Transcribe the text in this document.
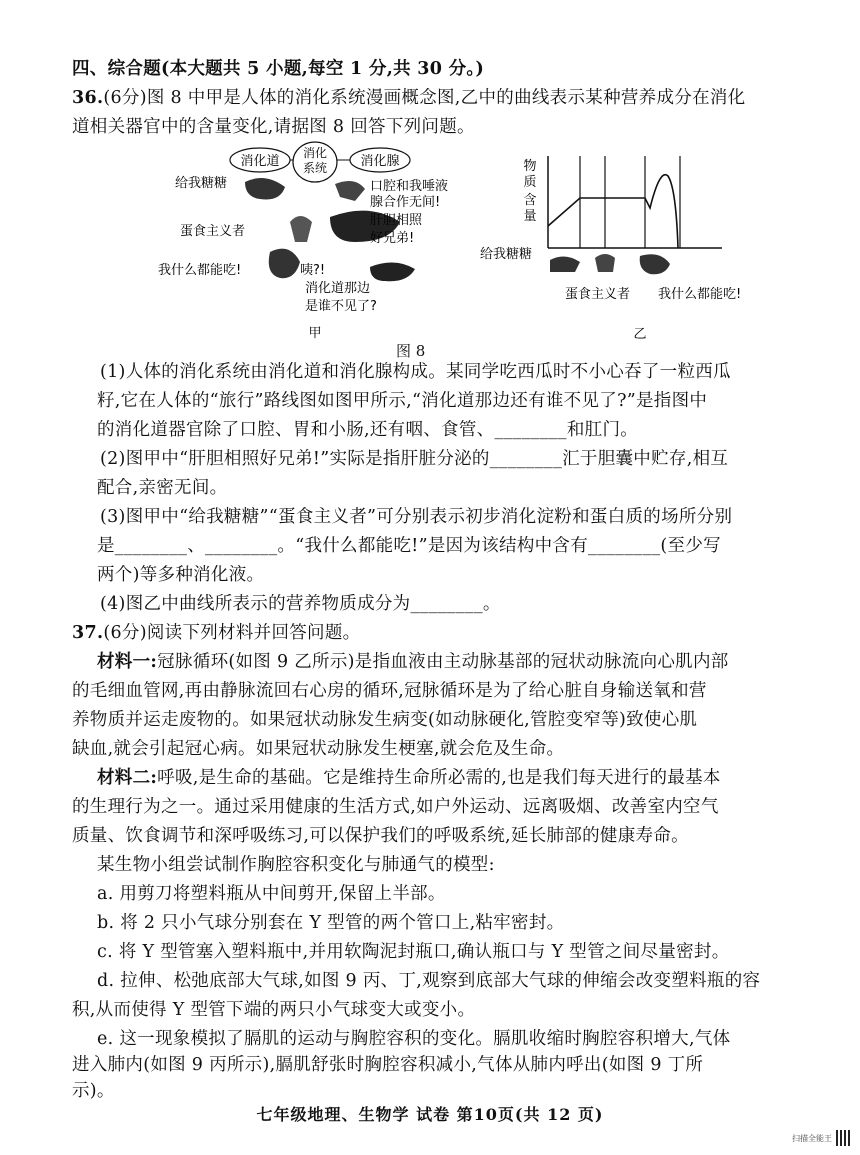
四、综合题(本大题共 5 小题,每空 1 分,共 30 分。)
36.(6分)图 8 中甲是人体的消化系统漫画概念图,乙中的曲线表示某种营养成分在消化
道相关器官中的含量变化,请据图 8 回答下列问题。
消化道
消化
系统	消化腺
给我糖糖	口腔和我唾液
腺合作无间!
肝胆相照
好兄弟!
蛋食主义者
我什么都能吃!	咦?!
消化道那边
是谁不见了?
甲
物
质
含
量
给我糖糖
蛋食主义者 我什么都能吃!
乙
图 8
(1)人体的消化系统由消化道和消化腺构成。某同学吃西瓜时不小心吞了一粒西瓜
籽,它在人体的“旅行”路线图如图甲所示,“消化道那边还有谁不见了?”是指图中
的消化道器官除了口腔、胃和小肠,还有咽、食管、________和肛门。
(2)图甲中“肝胆相照好兄弟!”实际是指肝脏分泌的________汇于胆囊中贮存,相互
配合,亲密无间。
(3)图甲中“给我糖糖”“蛋食主义者”可分别表示初步消化淀粉和蛋白质的场所分别
是________、________。“我什么都能吃!”是因为该结构中含有________(至少写
两个)等多种消化液。
(4)图乙中曲线所表示的营养物质成分为________。
37.(6分)阅读下列材料并回答问题。
材料一:冠脉循环(如图 9 乙所示)是指血液由主动脉基部的冠状动脉流向心肌内部
的毛细血管网,再由静脉流回右心房的循环,冠脉循环是为了给心脏自身输送氧和营
养物质并运走废物的。如果冠状动脉发生病变(如动脉硬化,管腔变窄等)致使心肌
缺血,就会引起冠心病。如果冠状动脉发生梗塞,就会危及生命。
材料二:呼吸,是生命的基础。它是维持生命所必需的,也是我们每天进行的最基本
的生理行为之一。通过采用健康的生活方式,如户外运动、远离吸烟、改善室内空气
质量、饮食调节和深呼吸练习,可以保护我们的呼吸系统,延长肺部的健康寿命。
某生物小组尝试制作胸腔容积变化与肺通气的模型:
a. 用剪刀将塑料瓶从中间剪开,保留上半部。
b. 将 2 只小气球分别套在 Y 型管的两个管口上,粘牢密封。
c. 将 Y 型管塞入塑料瓶中,并用软陶泥封瓶口,确认瓶口与 Y 型管之间尽量密封。
d. 拉伸、松弛底部大气球,如图 9 丙、丁,观察到底部大气球的伸缩会改变塑料瓶的容
积,从而使得 Y 型管下端的两只小气球变大或变小。
e. 这一现象模拟了膈肌的运动与胸腔容积的变化。膈肌收缩时胸腔容积增大,气体
进入肺内(如图 9 丙所示),膈肌舒张时胸腔容积减小,气体从肺内呼出(如图 9 丁所
七年级地理、生物学 试卷 第10页(共 12 页)
示)。
扫描全能王
